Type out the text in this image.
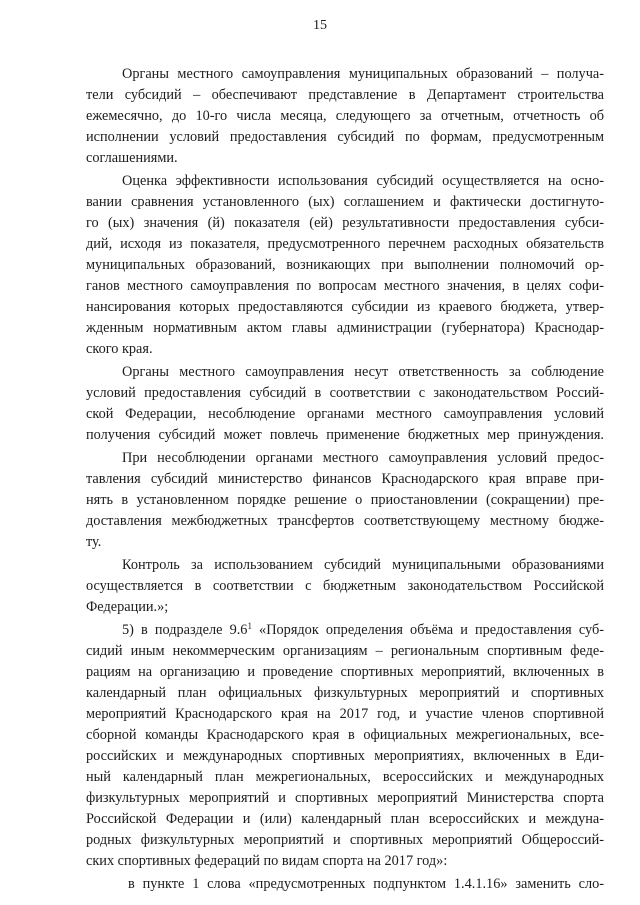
15
Органы местного самоуправления муниципальных образований – получа-
тели субсидий – обеспечивают представление в Департамент строительства
ежемесячно, до 10-го числа месяца, следующего за отчетным, отчетность об
исполнении условий предоставления субсидий по формам, предусмотренным
соглашениями.
Оценка эффективности использования субсидий осуществляется на осно-
вании сравнения установленного (ых) соглашением и фактически достигнуто-
го (ых) значения (й) показателя (ей) результативности предоставления субси-
дий, исходя из показателя, предусмотренного перечнем расходных обязательств
муниципальных образований, возникающих при выполнении полномочий ор-
ганов местного самоуправления по вопросам местного значения, в целях софи-
нансирования которых предоставляются субсидии из краевого бюджета, утвер-
жденным нормативным актом главы администрации (губернатора) Краснодар-
ского края.
Органы местного самоуправления несут ответственность за соблюдение
условий предоставления субсидий в соответствии с законодательством Россий-
ской Федерации, несоблюдение органами местного самоуправления условий
получения субсидий может повлечь применение бюджетных мер принуждения.
При несоблюдении органами местного самоуправления условий предос-
тавления субсидий министерство финансов Краснодарского края вправе при-
нять в установленном порядке решение о приостановлении (сокращении) пре-
доставления межбюджетных трансфертов соответствующему местному бюдже-
ту.
Контроль за использованием субсидий муниципальными образованиями
осуществляется в соответствии с бюджетным законодательством Российской
Федерации.»;
5) в подразделе $9.6^1$ «Порядок определения объёма и предоставления суб-
сидий иным некоммерческим организациям – региональным спортивным феде-
рациям на организацию и проведение спортивных мероприятий, включенных в
календарный план официальных физкультурных мероприятий и спортивных
мероприятий Краснодарского края на 2017 год, и участие членов спортивной
сборной команды Краснодарского края в официальных межрегиональных, все-
российских и международных спортивных мероприятиях, включенных в Еди-
ный календарный план межрегиональных, всероссийских и международных
физкультурных мероприятий и спортивных мероприятий Министерства спорта
Российской Федерации и (или) календарный план всероссийских и междуна-
родных физкультурных мероприятий и спортивных мероприятий Общероссий-
ских спортивных федераций по видам спорта на 2017 год»:
в пункте 1 слова «предусмотренных подпунктом 1.4.1.16» заменить сло-
